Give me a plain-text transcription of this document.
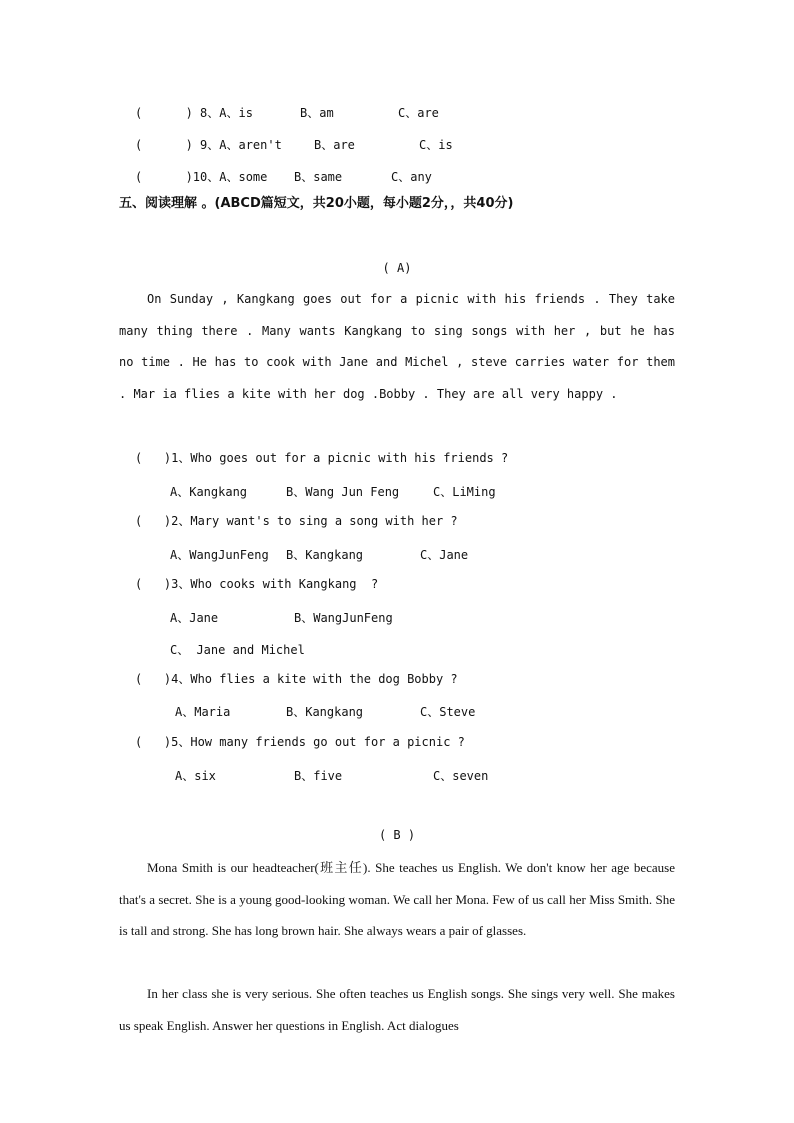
(      ) 8、A、is	B、am	C、are
(      ) 9、A、aren't	B、are	C、is
(      )10、A、some B、same	C、any
五、阅读理解 。(ABCD篇短文，共20小题，每小题2分，，共40分)
( A)
On Sunday , Kangkang goes out for a picnic with his friends . They take many thing there . Many wants Kangkang to sing songs with her , but he has no time . He has to cook with Jane and Michel , steve carries water for them . Mar ia flies a kite with her dog .Bobby . They are all very happy .
(   )1、Who goes out for a picnic with his friends ?
A、Kangkang	B、Wang Jun Feng	C、LiMing
(   )2、Mary want's to sing a song with her ?
A、WangJunFeng B、Kangkang	C、Jane
(   )3、Who cooks with Kangkang  ?
A、Jane	B、WangJunFeng
C、 Jane and Michel
(   )4、Who flies a kite with the dog Bobby ?
A、Maria	B、Kangkang	C、Steve
(   )5、How many friends go out for a picnic ?
A、six	B、five	C、seven
( B )
Mona Smith is our headteacher(班主任). She teaches us English. We don't know her age because that's a secret. She is a young good-looking woman. We call her Mona. Few of us call her Miss Smith. She is tall and strong. She has long brown hair. She always wears a pair of glasses.
In her class she is very serious. She often teaches us English songs. She sings very well. She makes us speak English. Answer her questions in English. Act dialogues
